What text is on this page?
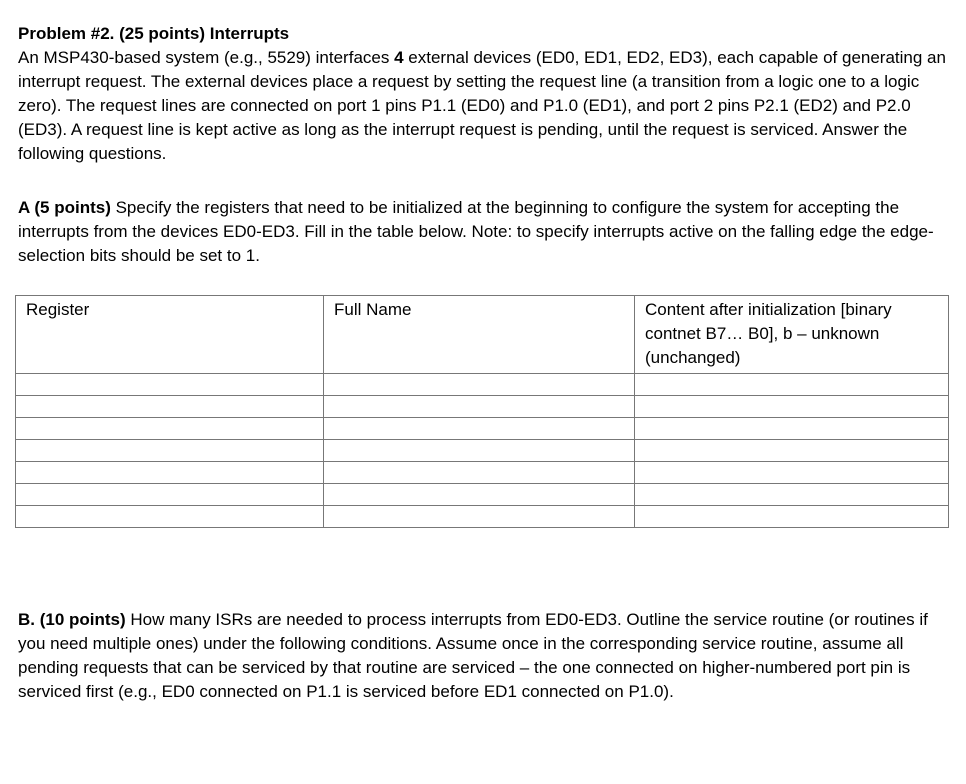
Problem #2. (25 points) Interrupts

An MSP430-based system (e.g., 5529) interfaces 4 external devices (ED0, ED1, ED2, ED3), each capable of generating an interrupt request. The external devices place a request by setting the request line (a transition from a logic one to a logic zero). The request lines are connected on port 1 pins P1.1 (ED0) and P1.0 (ED1), and port 2 pins P2.1 (ED2) and P2.0 (ED3). A request line is kept active as long as the interrupt request is pending, until the request is serviced. Answer the following questions.

A (5 points) Specify the registers that need to be initialized at the beginning to configure the system for accepting the interrupts from the devices ED0-ED3. Fill in the table below. Note: to specify interrupts active on the falling edge the edge-selection bits should be set to 1.

Register	Full Name	Content after initialization [binary contnet B7… B0], b – unknown (unchanged)

B. (10 points) How many ISRs are needed to process interrupts from ED0-ED3. Outline the service routine (or routines if you need multiple ones) under the following conditions. Assume once in the corresponding service routine, assume all pending requests that can be serviced by that routine are serviced – the one connected on higher-numbered port pin is serviced first (e.g., ED0 connected on P1.1 is serviced before ED1 connected on P1.0).
